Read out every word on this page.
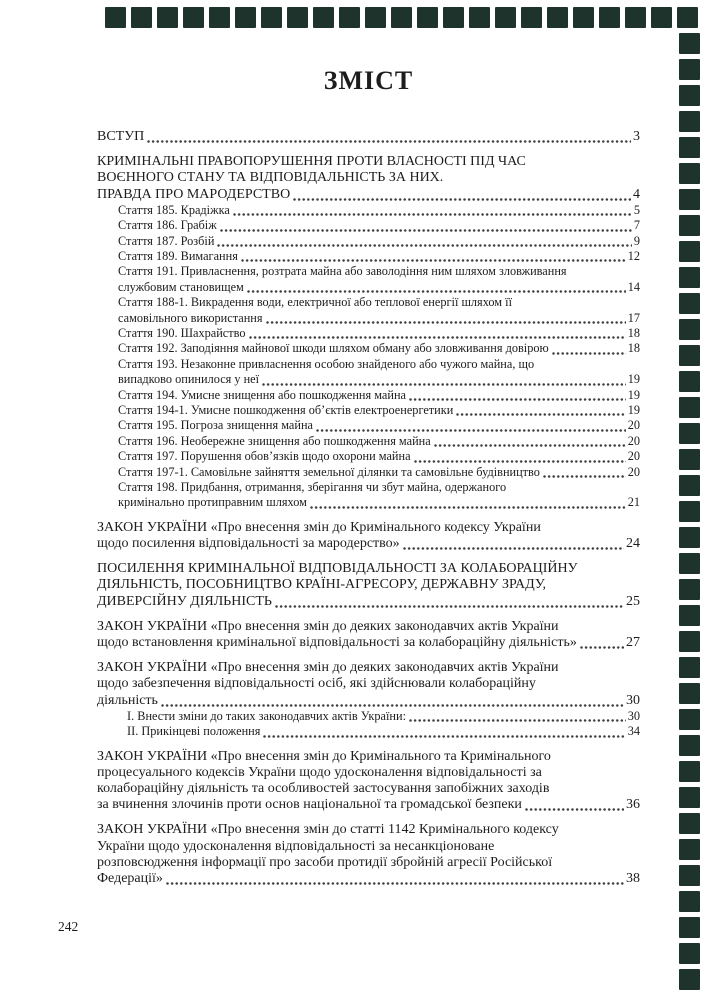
ЗМІСТ
ВСТУП	3
КРИМІНАЛЬНІ ПРАВОПОРУШЕННЯ ПРОТИ ВЛАСНОСТІ ПІД ЧАС
ВОЄННОГО СТАНУ ТА ВІДПОВІДАЛЬНІСТЬ ЗА НИХ.
ПРАВДА ПРО МАРОДЕРСТВО	4
Стаття 185. Крадіжка	5
Стаття 186. Грабіж	7
Стаття 187. Розбій	9
Стаття 189. Вимагання	12
Стаття 191. Привласнення, розтрата майна або заволодіння ним шляхом зловживання
службовим становищем	14
Стаття 188-1. Викрадення води, електричної або теплової енергії шляхом її
самовільного використання	17
Стаття 190. Шахрайство	18
Стаття 192. Заподіяння майнової шкоди шляхом обману або зловживання довірою	18
Стаття 193. Незаконне привласнення особою знайденого або чужого майна, що
випадково опинилося у неї	19
Стаття 194. Умисне знищення або пошкодження майна	19
Стаття 194-1. Умисне пошкодження об’єктів електроенергетики	19
Стаття 195. Погроза знищення майна	20
Стаття 196. Необережне знищення або пошкодження майна	20
Стаття 197. Порушення обов’язків щодо охорони майна	20
Стаття 197-1. Самовільне зайняття земельної ділянки та самовільне будівництво	20
Стаття 198. Придбання, отримання, зберігання чи збут майна, одержаного
кримінально протиправним шляхом	21
ЗАКОН УКРАЇНИ «Про внесення змін до Кримінального кодексу України
щодо посилення відповідальності за мародерство»	24
ПОСИЛЕННЯ КРИМІНАЛЬНОЇ ВІДПОВІДАЛЬНОСТІ ЗА КОЛАБОРАЦІЙНУ
ДІЯЛЬНІСТЬ, ПОСОБНИЦТВО КРАЇНІ-АГРЕСОРУ, ДЕРЖАВНУ ЗРАДУ,
ДИВЕРСІЙНУ ДІЯЛЬНІСТЬ	25
ЗАКОН УКРАЇНИ «Про внесення змін до деяких законодавчих актів України
щодо встановлення кримінальної відповідальності за колабораційну діяльність»	27
ЗАКОН УКРАЇНИ «Про внесення змін до деяких законодавчих актів України
щодо забезпечення відповідальності осіб, які здійснювали колабораційну
діяльність	30
I. Внести зміни до таких законодавчих актів України:	30
II. Прикінцеві положення	34
ЗАКОН УКРАЇНИ «Про внесення змін до Кримінального та Кримінального
процесуального кодексів України щодо удосконалення відповідальності за
колабораційну діяльність та особливостей застосування запобіжних заходів
за вчинення злочинів проти основ національної та громадської безпеки	36
ЗАКОН УКРАЇНИ «Про внесення змін до статті 1142 Кримінального кодексу
України щодо удосконалення відповідальності за несанкціоноване
розповсюдження інформації про засоби протидії збройній агресії Російської
Федерації»	38
242
